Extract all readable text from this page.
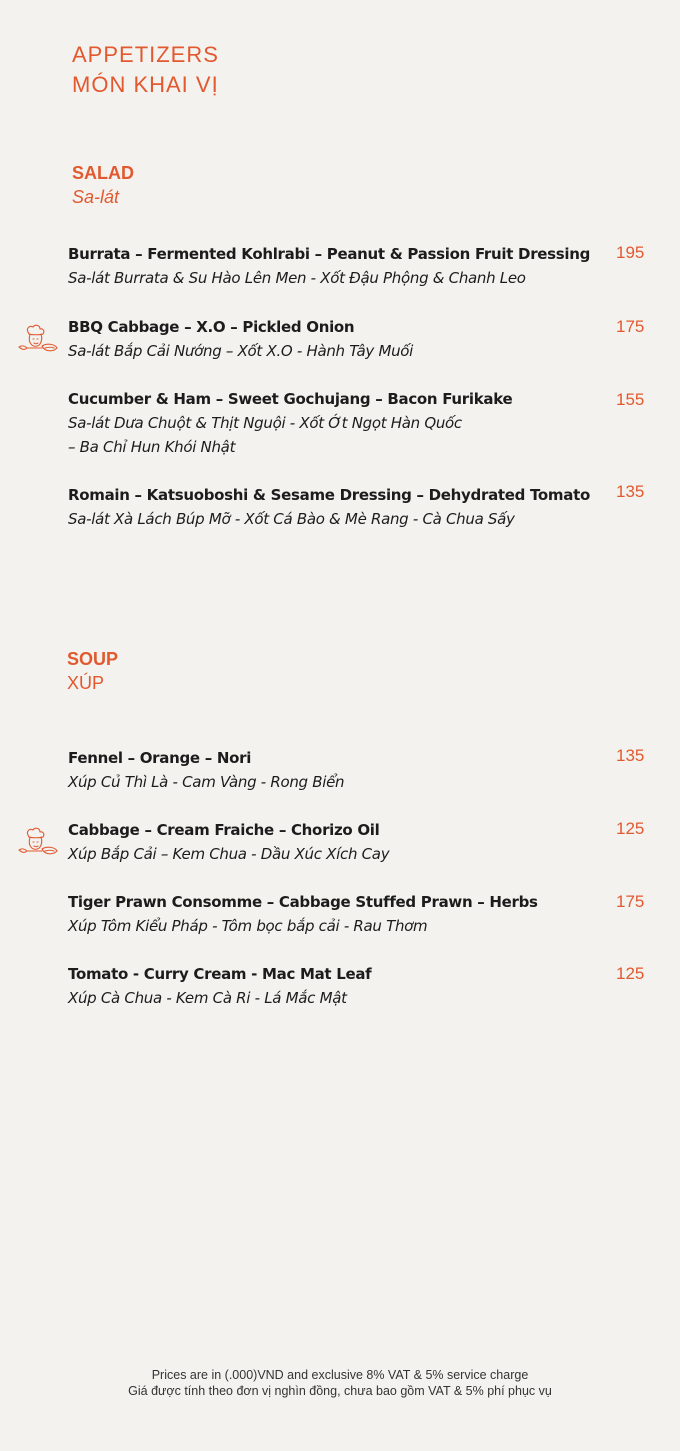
APPETIZERS
MÓN KHAI VỊ
SALAD
Sa-lát
Burrata – Fermented Kohlrabi – Peanut & Passion Fruit Dressing
Sa-lát Burrata & Su Hào Lên Men - Xốt Đậu Phộng & Chanh Leo
195
BBQ Cabbage – X.O – Pickled Onion
Sa-lát Bắp Cải Nướng – Xốt X.O - Hành Tây Muối
175
Cucumber & Ham – Sweet Gochujang – Bacon Furikake
Sa-lát Dưa Chuột & Thịt Nguội - Xốt Ớt Ngọt Hàn Quốc
– Ba Chỉ Hun Khói Nhật
155
Romain – Katsuoboshi & Sesame Dressing – Dehydrated Tomato
Sa-lát Xà Lách Búp Mỡ - Xốt Cá Bào & Mè Rang - Cà Chua Sấy
135
SOUP
XÚP
Fennel – Orange – Nori
Xúp Củ Thì Là - Cam Vàng - Rong Biển
135
Cabbage – Cream Fraiche – Chorizo Oil
Xúp Bắp Cải – Kem Chua - Dầu Xúc Xích Cay
125
Tiger Prawn Consomme – Cabbage Stuffed Prawn – Herbs
Xúp Tôm Kiểu Pháp - Tôm bọc bắp cải - Rau Thơm
175
Tomato - Curry Cream - Mac Mat Leaf
Xúp Cà Chua - Kem Cà Ri - Lá Mắc Mật
125
Prices are in (.000)VND and exclusive 8% VAT & 5% service charge
Giá được tính theo đơn vị nghìn đồng, chưa bao gồm VAT & 5% phí phục vụ
